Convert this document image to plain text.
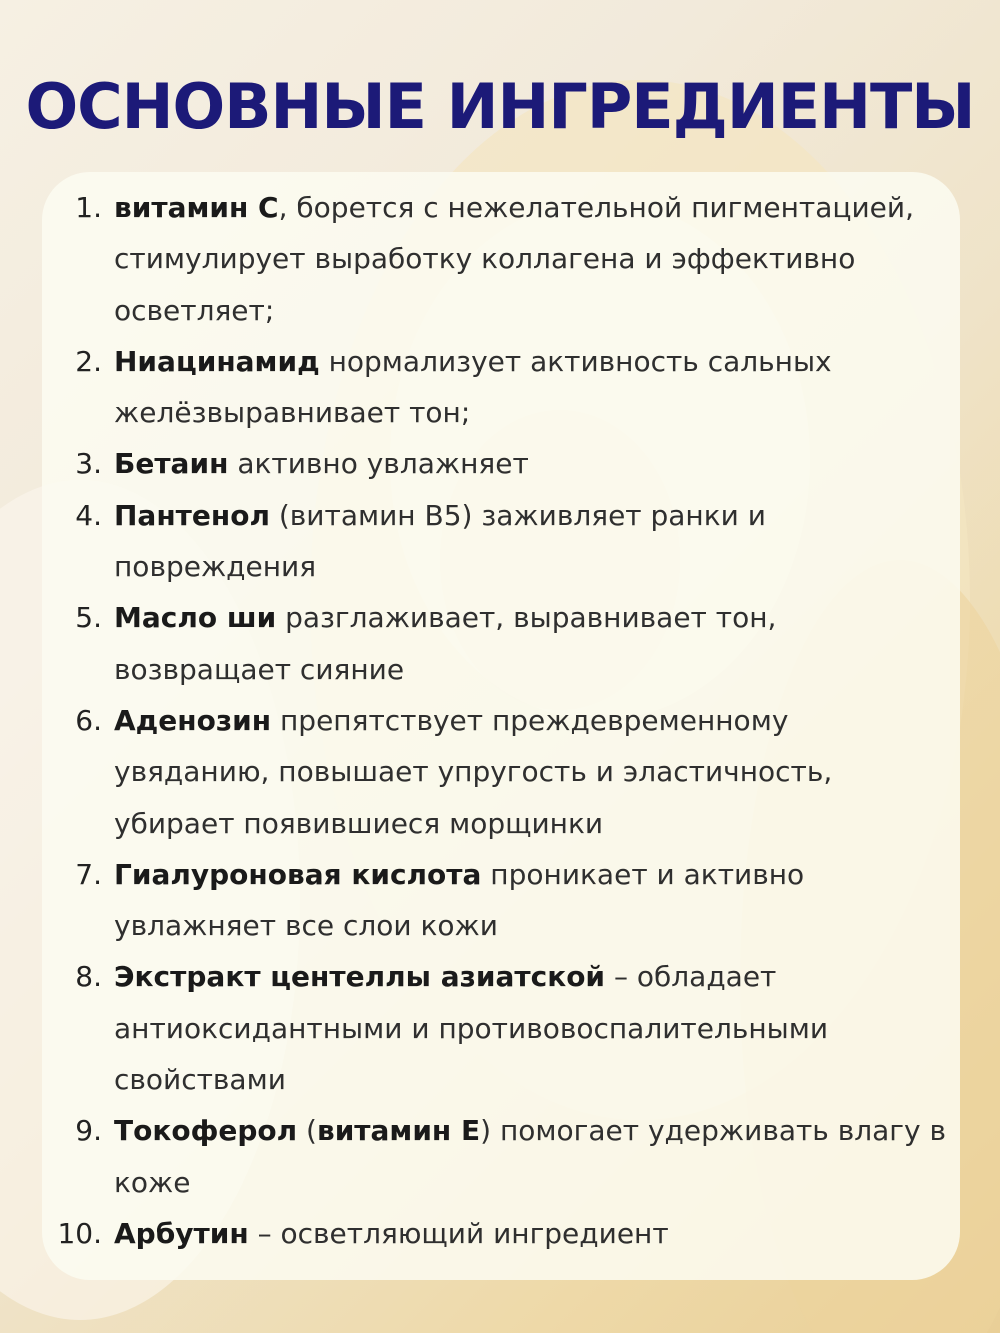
ОСНОВНЫЕ ИНГРЕДИЕНТЫ
1. витамин С, борется с нежелательной пигментацией, стимулирует выработку коллагена и эффективно осветляет;
2. Ниацинамид нормализует активность сальных желёзвыравнивает тон;
3. Бетаин активно увлажняет
4. Пантенол (витамин B5) заживляет ранки и повреждения
5. Масло ши разглаживает, выравнивает тон, возвращает сияние
6. Аденозин препятствует преждевременному увяданию, повышает упругость и эластичность, убирает появившиеся морщинки
7. Гиалуроновая кислота проникает и активно увлажняет все слои кожи
8. Экстракт центеллы азиатской – обладает антиоксидантными и противовоспалительными свойствами
9. Токоферол (витамин Е) помогает удерживать влагу в коже
10. Арбутин – осветляющий ингредиент
